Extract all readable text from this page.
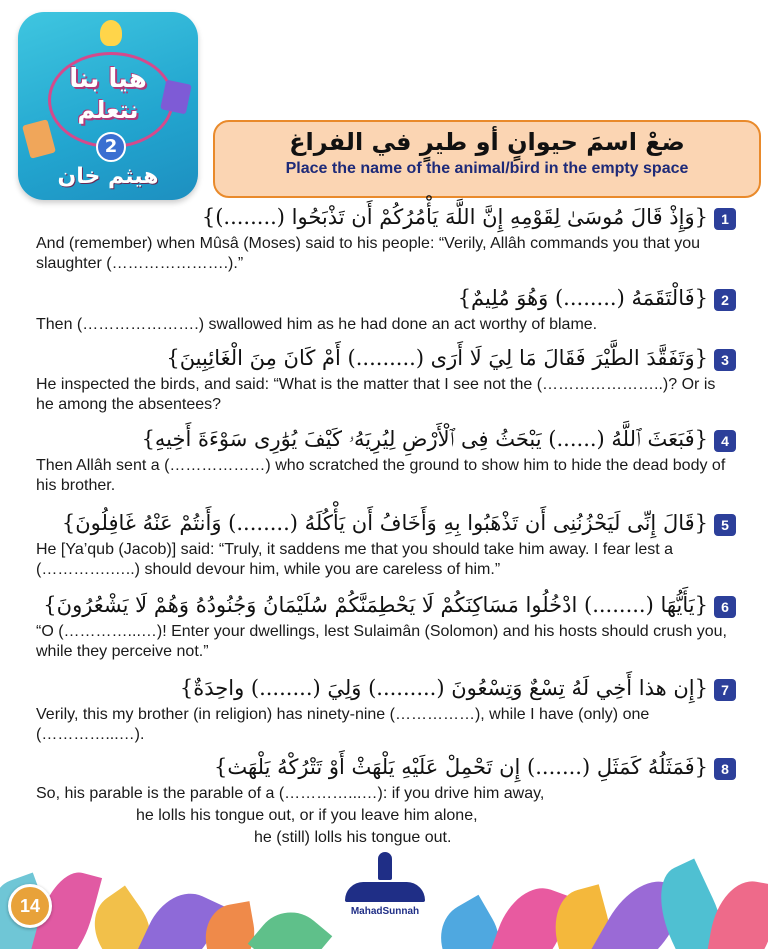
هيا بنا
نتعلم
2
هيثم خان
ضعْ اسمَ حيوانٍ أو طيرٍ في الفراغ
Place the name of the animal/bird in the empty space
1{وَإِذْ قَالَ مُوسَىٰ لِقَوْمِهِ إِنَّ اللَّهَ يَأْمُرُكُمْ أَن تَذْبَحُوا (........)}
And (remember) when Mûsâ (Moses) said to his people: “Verily, Allâh commands you that you slaughter (………………….).”
2{فَالْتَقَمَهُ (........) وَهُوَ مُلِيمٌ}
Then (………………….) swallowed him as he had done an act worthy of blame.
3{وَتَفَقَّدَ الطَّيْرَ فَقَالَ مَا لِيَ لَا أَرَى (.........) أَمْ كَانَ مِنَ الْغَائِبِينَ}
He inspected the birds, and said: “What is the matter that I see not the (…………………..)? Or is he among the absentees?
4{فَبَعَثَ ٱللَّهُ (......) يَبْحَثُ فِى ٱلْأَرْضِ لِيُرِيَهُۥ كَيْفَ يُوَٰرِى سَوْءَةَ أَخِيهِ}
Then Allâh sent a (………………) who scratched the ground to show him to hide the dead body of his brother.
5{قَالَ إِنِّى لَيَحْزُنُنِى أَن تَذْهَبُوا بِهِ وَأَخَافُ أَن يَأْكُلَهُ (........) وَأَنتُمْ عَنْهُ غَافِلُونَ}
He [Ya’qub (Jacob)] said: “Truly, it saddens me that you should take him away. I fear lest a (………….…..) should devour him, while you are careless of him.”
6{يَأَيُّهَا (........) ادْخُلُوا مَسَاكِنَكُمْ لَا يَحْطِمَنَّكُمْ سُلَيْمَانُ وَجُنُودُهُ وَهُمْ لَا يَشْعُرُونَ}
“O (…………...…)! Enter your dwellings, lest Sulaimân (Solomon) and his hosts should crush you, while they perceive not.”
7{إِن هذا أَخِي لَهُ تِسْعٌ وَتِسْعُونَ (.........) وَلِيَ (........) واحِدَةٌ}
Verily, this my brother (in religion) has ninety-nine (……………), while I have (only) one (…………...…).
8{فَمَثَلُهُ كَمَثَلِ (.......) إِن تَحْمِلْ عَلَيْهِ يَلْهَثْ أَوْ تَتْرُكْهُ يَلْهَث}
So, his parable is the parable of a (…………...…): if you drive him away,
he lolls his tongue out, or if you leave him alone,
he (still) lolls his tongue out.
14	MahadSunnah
